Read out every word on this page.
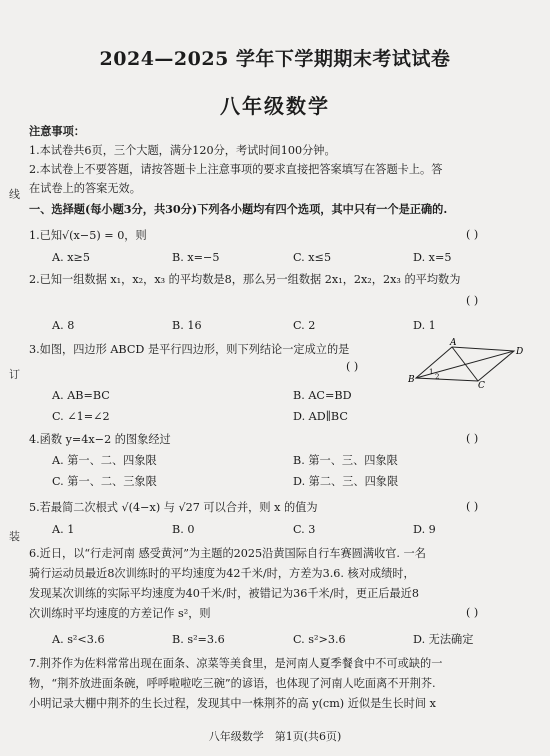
2024—2025 学年下学期期末考试试卷
八年级数学
线
订
装
注意事项：
1.本试卷共6页，三个大题，满分120分，考试时间100分钟。
2.本试卷上不要答题，请按答题卡上注意事项的要求直接把答案填写在答题卡上。答
在试卷上的答案无效。
一、选择题(每小题3分，共30分)下列各小题均有四个选项，其中只有一个是正确的.
1.已知√(x−5) = 0，则	( )
A. x≥5	B. x=−5	C. x≤5	D. x=5
2.已知一组数据 x₁，x₂，x₃ 的平均数是8，那么另一组数据 2x₁，2x₂，2x₃ 的平均数为
( )
A. 8	B. 16	C. 2	D. 1
3.如图，四边形 ABCD 是平行四边形，则下列结论一定成立的是
( )
A
B
C
D
1
2
A. AB=BC	B. AC=BD
C. ∠1=∠2	D. AD∥BC
4.函数 y=4x−2 的图象经过	( )
A. 第一、二、四象限	B. 第一、三、四象限
C. 第一、二、三象限	D. 第二、三、四象限
5.若最简二次根式 √(4−x) 与 √27 可以合并，则 x 的值为	( )
A. 1	B. 0	C. 3	D. 9
6.近日，以“行走河南 感受黄河”为主题的2025沿黄国际自行车赛圆满收官. 一名
骑行运动员最近8次训练时的平均速度为42千米/时，方差为3.6. 核对成绩时，
发现某次训练的实际平均速度为40千米/时，被错记为36千米/时，更正后最近8
次训练时平均速度的方差记作 s²，则	( )
A. s²<3.6	B. s²=3.6	C. s²>3.6	D. 无法确定
7.荆芥作为佐料常常出现在面条、凉菜等美食里，是河南人夏季餐食中不可或缺的一
物，“荆芥放进面条碗，呼呼啦啦吃三碗”的谚语，也体现了河南人吃面离不开荆芥.
小明记录大棚中荆芥的生长过程，发现其中一株荆芥的高 y(cm) 近似是生长时间 x
八年级数学　第1页(共6页)
